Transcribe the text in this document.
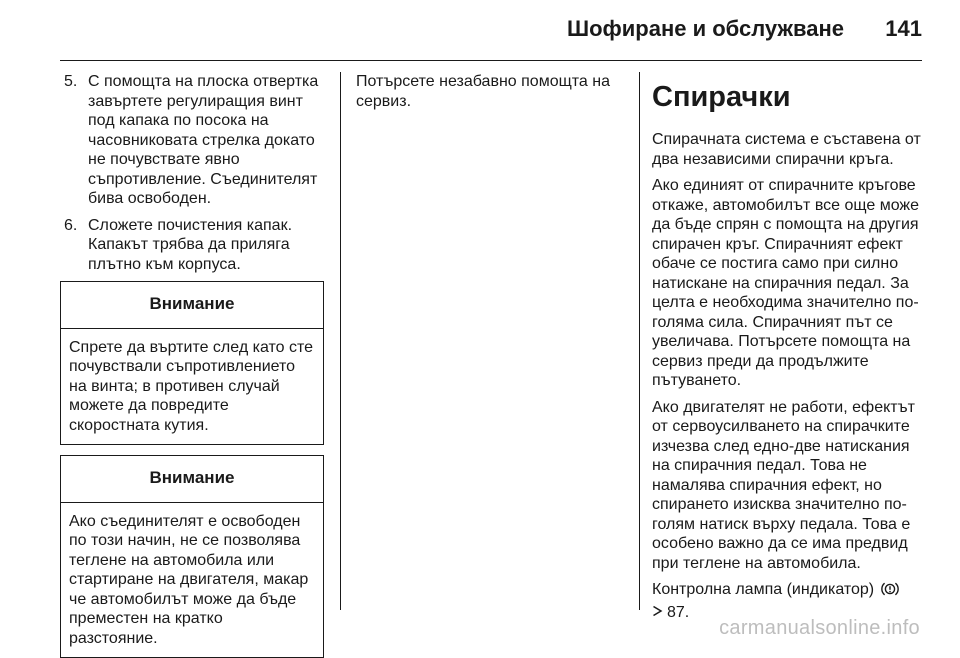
Шофиране и обслужване 141
5. С помощта на плоска отвертка завъртете регулиращия винт под капака по посока на часовниковата стрелка докато не почувствате явно съпротивление. Съединителят бива освободен.
6. Сложете почистения капак. Капакът трябва да приляга плътно към корпуса.
Внимание
Спрете да въртите след като сте почувствали съпротивлението на винта; в противен случай можете да повредите скоростната кутия.
Внимание
Ако съединителят е освободен по този начин, не се позволява теглене на автомобила или стартиране на двигателя, макар че автомобилът може да бъде преместен на кратко разстояние.
Потърсете незабавно помощта на сервиз.	Спирачки

Спирачната система е съставена от два независими спирачни кръга.

Ако единият от спирачните кръгове откаже, автомобилът все още може да бъде спрян с помощта на другия спирачен кръг. Спирачният ефект обаче се постига само при силно натискане на спирачния педал. За целта е необходима значително по-голяма сила. Спирачният път се увеличава. Потърсете помощта на сервиз преди да продължите пътуването.

Ако двигателят не работи, ефектът от сервоусилването на спирачките изчезва след едно-две натискания на спирачния педал. Това не намалява спирачния ефект, но спирането изисква значително по-голям натиск върху педала. Това е особено важно да се има предвид при теглене на автомобила.

Контролна лампа (индикатор)
87.

carmanualsonline.info
